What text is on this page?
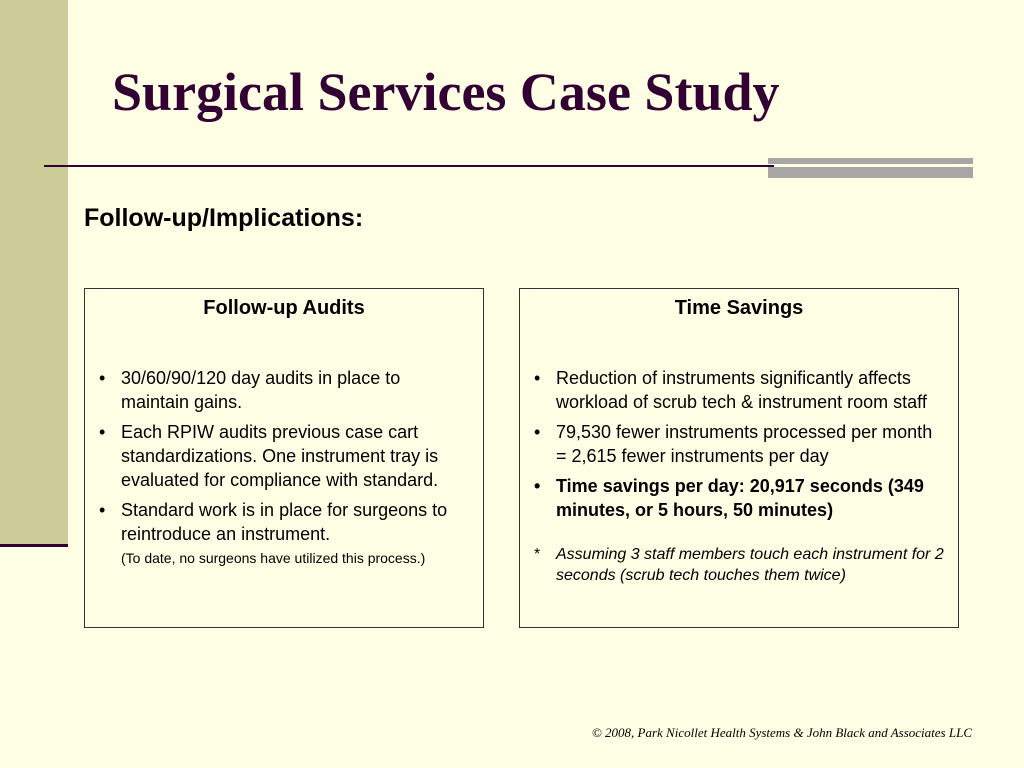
Surgical Services Case Study
Follow-up/Implications:
Follow-up Audits
• 30/60/90/120 day audits in place to maintain gains.
• Each RPIW audits previous case cart standardizations. One instrument tray is evaluated for compliance with standard.
• Standard work is in place for surgeons to reintroduce an instrument.
(To date, no surgeons have utilized this process.)
Time Savings
• Reduction of instruments significantly affects workload of scrub tech & instrument room staff
• 79,530 fewer instruments processed per month = 2,615 fewer instruments per day
• Time savings per day: 20,917 seconds (349 minutes, or 5 hours, 50 minutes)
* Assuming 3 staff members touch each instrument for 2 seconds (scrub tech touches them twice)
© 2008, Park Nicollet Health Systems & John Black and Associates LLC
